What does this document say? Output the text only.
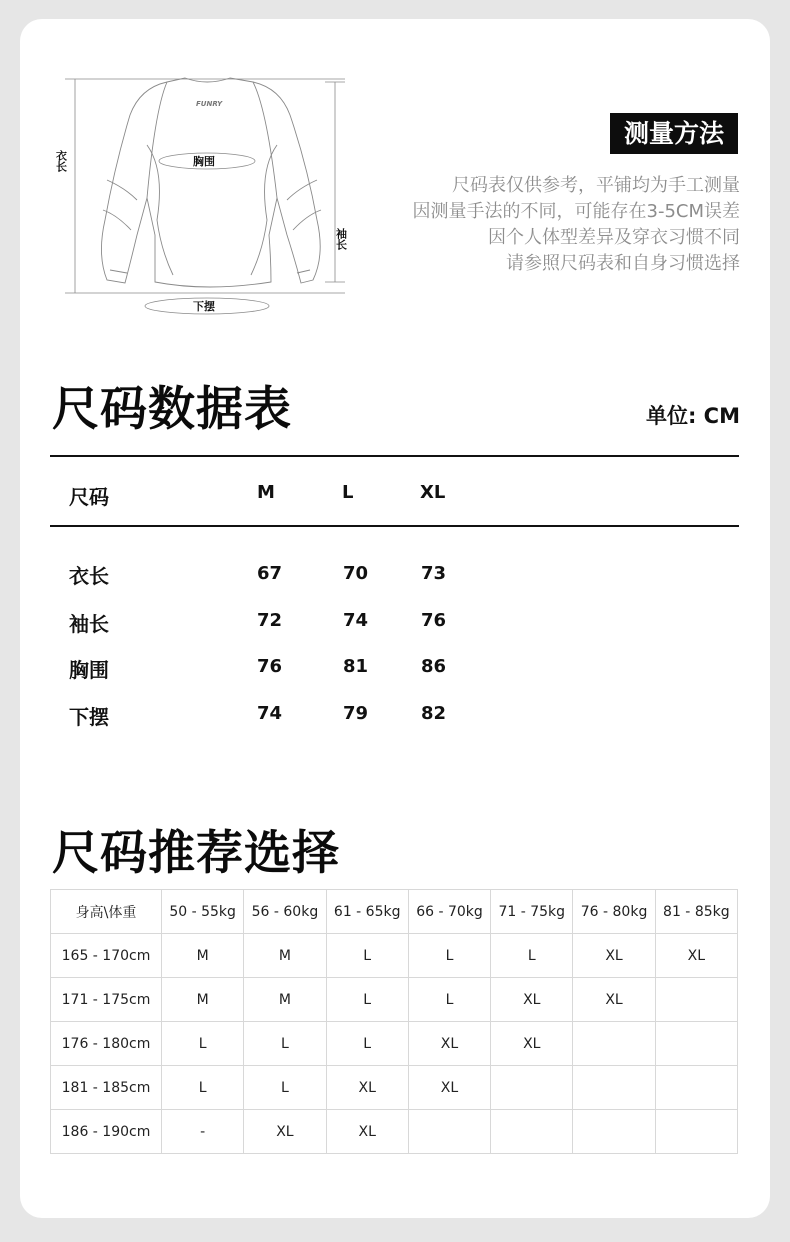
FUNRY
胸围
下摆
衣长
袖长
测量方法
尺码表仅供参考，平铺均为手工测量
因测量手法的不同，可能存在3-5CM误差
因个人体型差异及穿衣习惯不同
请参照尺码表和自身习惯选择
尺码数据表	单位: CM
尺码	M	L	XL
衣长	67	70	73
袖长	72	74	76
胸围	76	81	86
下摆	74	79	82
尺码推荐选择
身高\体重	50 - 55kg	56 - 60kg	61 - 65kg	66 - 70kg	71 - 75kg	76 - 80kg	81 - 85kg
165 - 170cm	M	M	L	L	L	XL	XL
171 - 175cm	M	M	L	L	XL	XL	
176 - 180cm	L	L	L	XL	XL		
181 - 185cm	L	L	XL	XL			
186 - 190cm	-	XL	XL				
